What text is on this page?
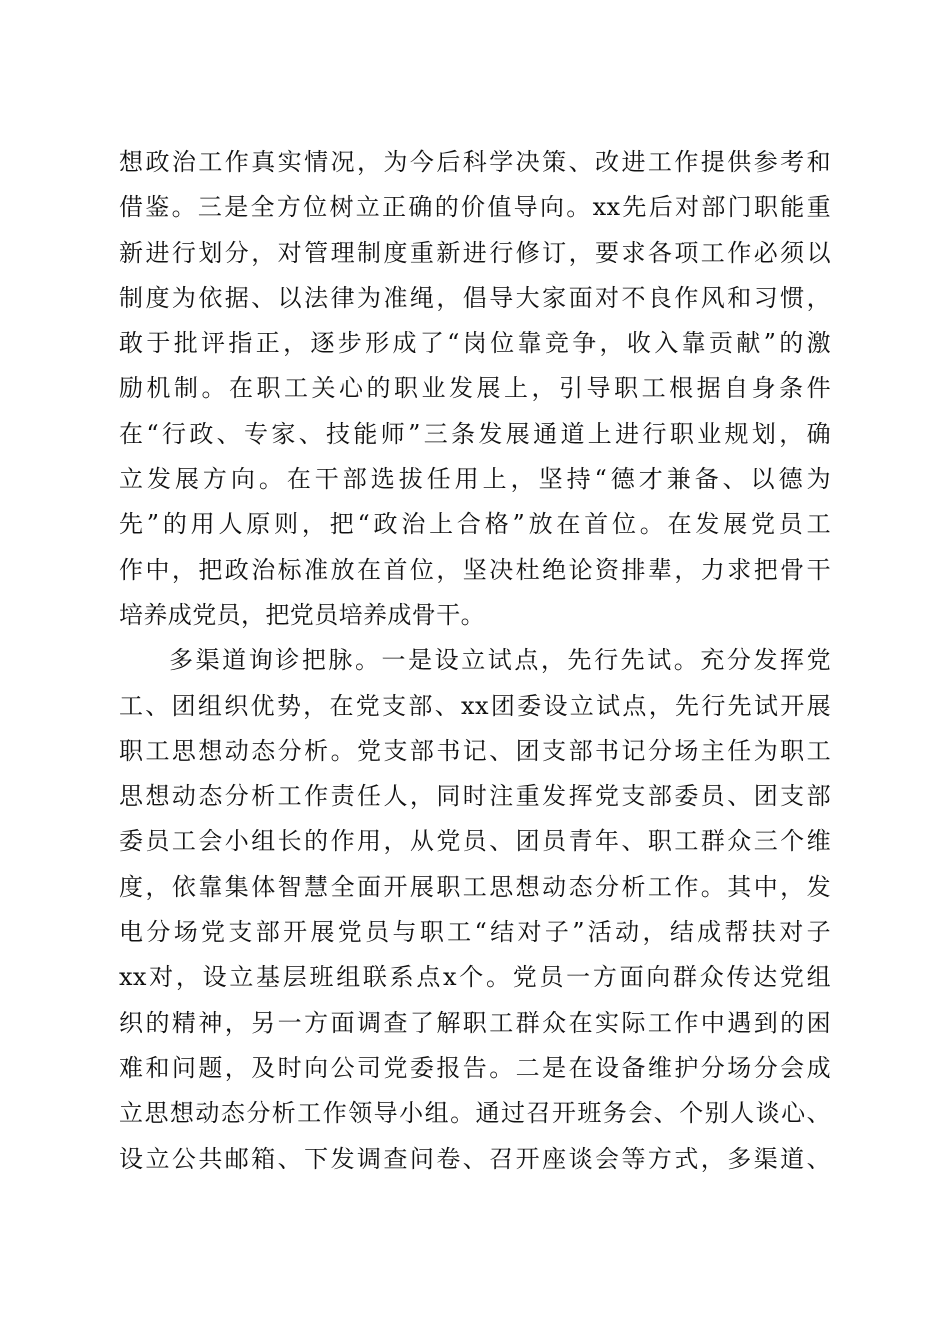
想政治工作真实情况，为今后科学决策、改进工作提供参考和
借鉴。三是全方位树立正确的价值导向。xx先后对部门职能重
新进行划分，对管理制度重新进行修订，要求各项工作必须以
制度为依据、以法律为准绳，倡导大家面对不良作风和习惯，
敢于批评指正，逐步形成了“岗位靠竞争，收入靠贡献”的激
励机制。在职工关心的职业发展上，引导职工根据自身条件
在“行政、专家、技能师”三条发展通道上进行职业规划，确
立发展方向。在干部选拔任用上，坚持“德才兼备、以德为
先”的用人原则，把“政治上合格”放在首位。在发展党员工
作中，把政治标准放在首位，坚决杜绝论资排辈，力求把骨干
培养成党员，把党员培养成骨干。
多渠道询诊把脉。一是设立试点，先行先试。充分发挥党
工、团组织优势，在党支部、xx团委设立试点，先行先试开展
职工思想动态分析。党支部书记、团支部书记分场主任为职工
思想动态分析工作责任人，同时注重发挥党支部委员、团支部
委员工会小组长的作用，从党员、团员青年、职工群众三个维
度，依靠集体智慧全面开展职工思想动态分析工作。其中，发
电分场党支部开展党员与职工“结对子”活动，结成帮扶对子
xx对，设立基层班组联系点x个。党员一方面向群众传达党组
织的精神，另一方面调查了解职工群众在实际工作中遇到的困
难和问题，及时向公司党委报告。二是在设备维护分场分会成
立思想动态分析工作领导小组。通过召开班务会、个别人谈心、
设立公共邮箱、下发调查问卷、召开座谈会等方式，多渠道、
